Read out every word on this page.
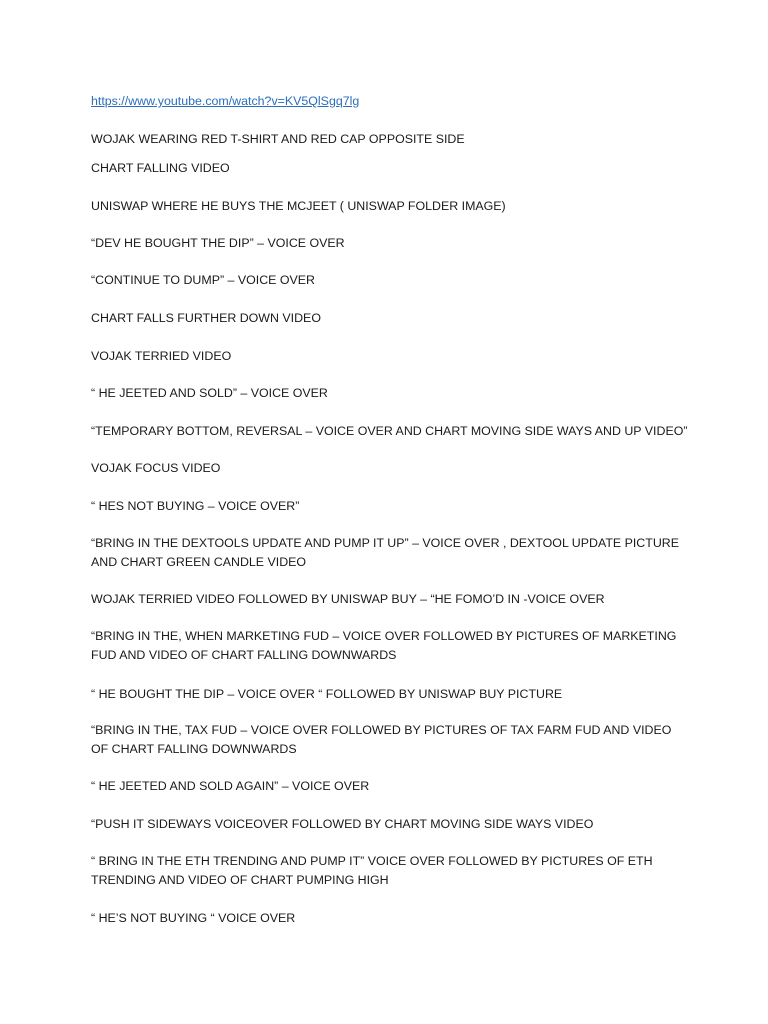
https://www.youtube.com/watch?v=KV5QlSgq7lg
WOJAK WEARING RED T-SHIRT AND RED CAP OPPOSITE SIDE
CHART FALLING VIDEO
UNISWAP WHERE HE BUYS THE MCJEET ( UNISWAP FOLDER IMAGE)
“DEV HE BOUGHT THE DIP” – VOICE OVER
“CONTINUE TO DUMP” – VOICE OVER
CHART FALLS FURTHER DOWN VIDEO
VOJAK TERRIED VIDEO
“ HE JEETED AND SOLD” – VOICE OVER
“TEMPORARY BOTTOM, REVERSAL – VOICE OVER AND CHART MOVING SIDE WAYS AND UP VIDEO”
VOJAK FOCUS VIDEO
“ HES NOT BUYING – VOICE OVER”
“BRING IN THE DEXTOOLS UPDATE AND PUMP IT UP” – VOICE OVER , DEXTOOL UPDATE PICTURE AND CHART GREEN CANDLE VIDEO
WOJAK TERRIED VIDEO FOLLOWED BY UNISWAP BUY – “HE FOMO’D IN -VOICE OVER
“BRING IN THE, WHEN MARKETING FUD – VOICE OVER FOLLOWED BY PICTURES OF MARKETING FUD AND VIDEO OF CHART FALLING DOWNWARDS
“ HE BOUGHT THE DIP – VOICE OVER “ FOLLOWED BY UNISWAP BUY PICTURE
“BRING IN THE, TAX FUD – VOICE OVER FOLLOWED BY PICTURES OF TAX FARM FUD AND VIDEO OF CHART FALLING DOWNWARDS
“ HE JEETED AND SOLD AGAIN” – VOICE OVER
“PUSH IT SIDEWAYS VOICEOVER FOLLOWED BY CHART MOVING SIDE WAYS VIDEO
“ BRING IN THE ETH TRENDING AND PUMP IT” VOICE OVER FOLLOWED BY PICTURES OF ETH TRENDING AND VIDEO OF CHART PUMPING HIGH
“ HE’S NOT BUYING “ VOICE OVER
